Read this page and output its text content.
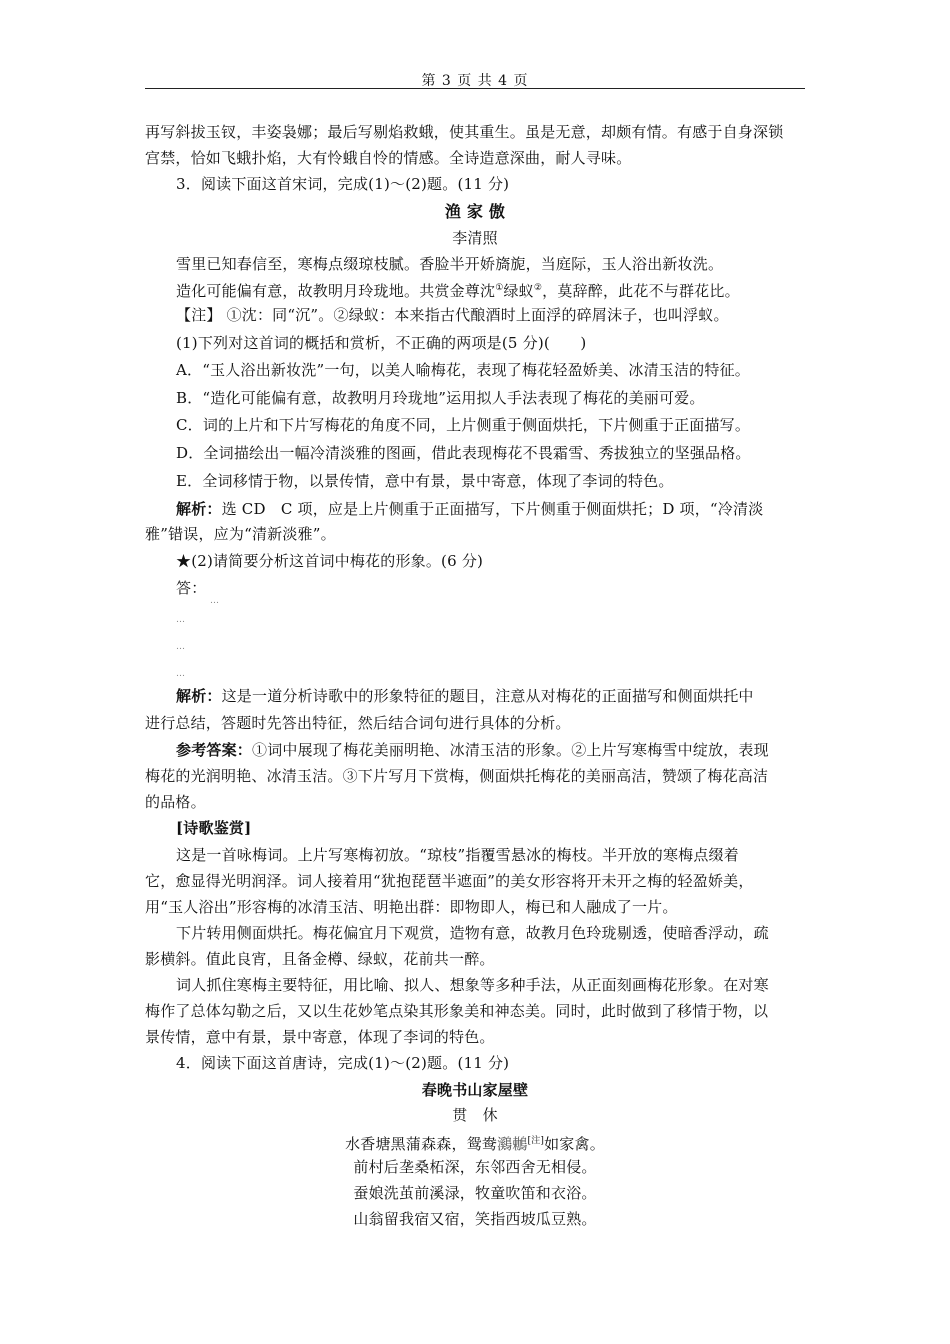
第 3 页 共 4 页
再写斜拔玉钗，丰姿袅娜；最后写剔焰救蛾，使其重生。虽是无意，却颇有情。有感于自身深锁
宫禁，恰如飞蛾扑焰，大有怜蛾自怜的情感。全诗造意深曲，耐人寻味。
3．阅读下面这首宋词，完成(1)～(2)题。(11 分)
渔 家 傲
李清照
雪里已知春信至，寒梅点缀琼枝腻。香脸半开娇旖旎，当庭际，玉人浴出新妆洗。
造化可能偏有意，故教明月玲珑地。共赏金尊沈①绿蚁②，莫辞醉，此花不与群花比。
【注】 ①沈：同“沉”。②绿蚁：本来指古代酿酒时上面浮的碎屑沫子，也叫浮蚁。
(1)下列对这首词的概括和赏析，不正确的两项是(5 分)(　　)
A．“玉人浴出新妆洗”一句，以美人喻梅花，表现了梅花轻盈娇美、冰清玉洁的特征。
B．“造化可能偏有意，故教明月玲珑地”运用拟人手法表现了梅花的美丽可爱。
C．词的上片和下片写梅花的角度不同，上片侧重于侧面烘托，下片侧重于正面描写。
D．全词描绘出一幅冷清淡雅的图画，借此表现梅花不畏霜雪、秀拔独立的坚强品格。
E．全词移情于物，以景传情，意中有景，景中寄意，体现了李词的特色。
解析：选 CD　C 项，应是上片侧重于正面描写，下片侧重于侧面烘托；D 项，“冷清淡
雅”错误，应为“清新淡雅”。
★(2)请简要分析这首词中梅花的形象。(6 分)
答：
…
…
…
…
解析：这是一道分析诗歌中的形象特征的题目，注意从对梅花的正面描写和侧面烘托中
进行总结，答题时先答出特征，然后结合词句进行具体的分析。
参考答案：①词中展现了梅花美丽明艳、冰清玉洁的形象。②上片写寒梅雪中绽放，表现
梅花的光润明艳、冰清玉洁。③下片写月下赏梅，侧面烘托梅花的美丽高洁，赞颂了梅花高洁
的品格。
[诗歌鉴赏]
这是一首咏梅词。上片写寒梅初放。“琼枝”指覆雪悬冰的梅枝。半开放的寒梅点缀着
它，愈显得光明润泽。词人接着用“犹抱琵琶半遮面”的美女形容将开未开之梅的轻盈娇美，
用“玉人浴出”形容梅的冰清玉洁、明艳出群：即物即人，梅已和人融成了一片。
下片转用侧面烘托。梅花偏宜月下观赏，造物有意，故教月色玲珑剔透，使暗香浮动，疏
影横斜。值此良宵，且备金樽、绿蚁，花前共一醉。
词人抓住寒梅主要特征，用比喻、拟人、想象等多种手法，从正面刻画梅花形象。在对寒
梅作了总体勾勒之后，又以生花妙笔点染其形象美和神态美。同时，此时做到了移情于物，以
景传情，意中有景，景中寄意，体现了李词的特色。
4．阅读下面这首唐诗，完成(1)～(2)题。(11 分)
春晚书山家屋壁
贯　休
水香塘黑蒲森森，鸳鸯鸂鶒[注]如家禽。
前村后垄桑柘深，东邻西舍无相侵。
蚕娘洗茧前溪渌，牧童吹笛和衣浴。
山翁留我宿又宿，笑指西坡瓜豆熟。
